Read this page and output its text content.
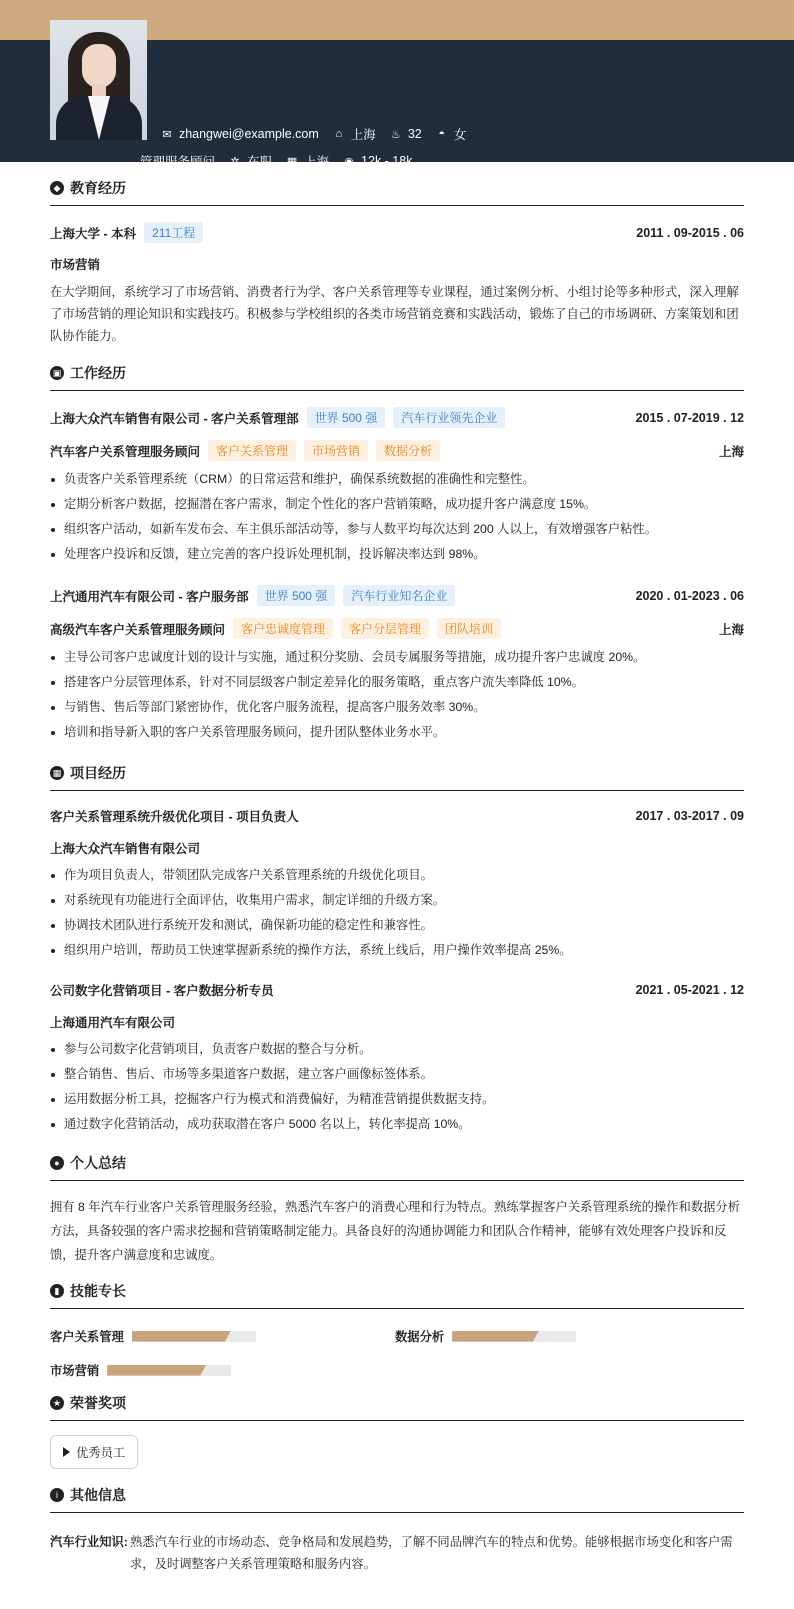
✉ zhangwei@example.com ⌂ 上海 ♨ 32 ◓ 女
管理服务顾问 ✲ 在职 ▦ 上海 ◉ 12k - 18k
◆ 教育经历
上海大学 - 本科	211工程	2011 . 09-2015 . 06
市场营销
在大学期间，系统学习了市场营销、消费者行为学、客户关系管理等专业课程，通过案例分析、小组讨论等多种形式，深入理解了市场营销的理论知识和实践技巧。积极参与学校组织的各类市场营销竞赛和实践活动，锻炼了自己的市场调研、方案策划和团队协作能力。
▣ 工作经历
上海大众汽车销售有限公司 - 客户关系管理部	世界 500 强	汽车行业领先企业	2015 . 07-2019 . 12
汽车客户关系管理服务顾问	客户关系管理	市场营销	数据分析	上海
负责客户关系管理系统（CRM）的日常运营和维护，确保系统数据的准确性和完整性。
定期分析客户数据，挖掘潜在客户需求，制定个性化的客户营销策略，成功提升客户满意度 15%。
组织客户活动，如新车发布会、车主俱乐部活动等，参与人数平均每次达到 200 人以上，有效增强客户粘性。
处理客户投诉和反馈，建立完善的客户投诉处理机制，投诉解决率达到 98%。
上汽通用汽车有限公司 - 客户服务部	世界 500 强	汽车行业知名企业	2020 . 01-2023 . 06
高级汽车客户关系管理服务顾问	客户忠诚度管理	客户分层管理	团队培训	上海
主导公司客户忠诚度计划的设计与实施，通过积分奖励、会员专属服务等措施，成功提升客户忠诚度 20%。
搭建客户分层管理体系，针对不同层级客户制定差异化的服务策略，重点客户流失率降低 10%。
与销售、售后等部门紧密协作，优化客户服务流程，提高客户服务效率 30%。
培训和指导新入职的客户关系管理服务顾问，提升团队整体业务水平。
▦ 项目经历
客户关系管理系统升级优化项目 - 项目负责人	2017 . 03-2017 . 09
上海大众汽车销售有限公司
作为项目负责人，带领团队完成客户关系管理系统的升级优化项目。
对系统现有功能进行全面评估，收集用户需求，制定详细的升级方案。
协调技术团队进行系统开发和测试，确保新功能的稳定性和兼容性。
组织用户培训，帮助员工快速掌握新系统的操作方法，系统上线后，用户操作效率提高 25%。
公司数字化营销项目 - 客户数据分析专员	2021 . 05-2021 . 12
上海通用汽车有限公司
参与公司数字化营销项目，负责客户数据的整合与分析。
整合销售、售后、市场等多渠道客户数据，建立客户画像标签体系。
运用数据分析工具，挖掘客户行为模式和消费偏好，为精准营销提供数据支持。
通过数字化营销活动，成功获取潜在客户 5000 名以上，转化率提高 10%。
● 个人总结
拥有 8 年汽车行业客户关系管理服务经验，熟悉汽车客户的消费心理和行为特点。熟练掌握客户关系管理系统的操作和数据分析方法，具备较强的客户需求挖掘和营销策略制定能力。具备良好的沟通协调能力和团队合作精神，能够有效处理客户投诉和反馈，提升客户满意度和忠诚度。
▮ 技能专长
客户关系管理	数据分析
市场营销
★ 荣誉奖项
优秀员工
i 其他信息
汽车行业知识: 熟悉汽车行业的市场动态、竞争格局和发展趋势，了解不同品牌汽车的特点和优势。能够根据市场变化和客户需求，及时调整客户关系管理策略和服务内容。
